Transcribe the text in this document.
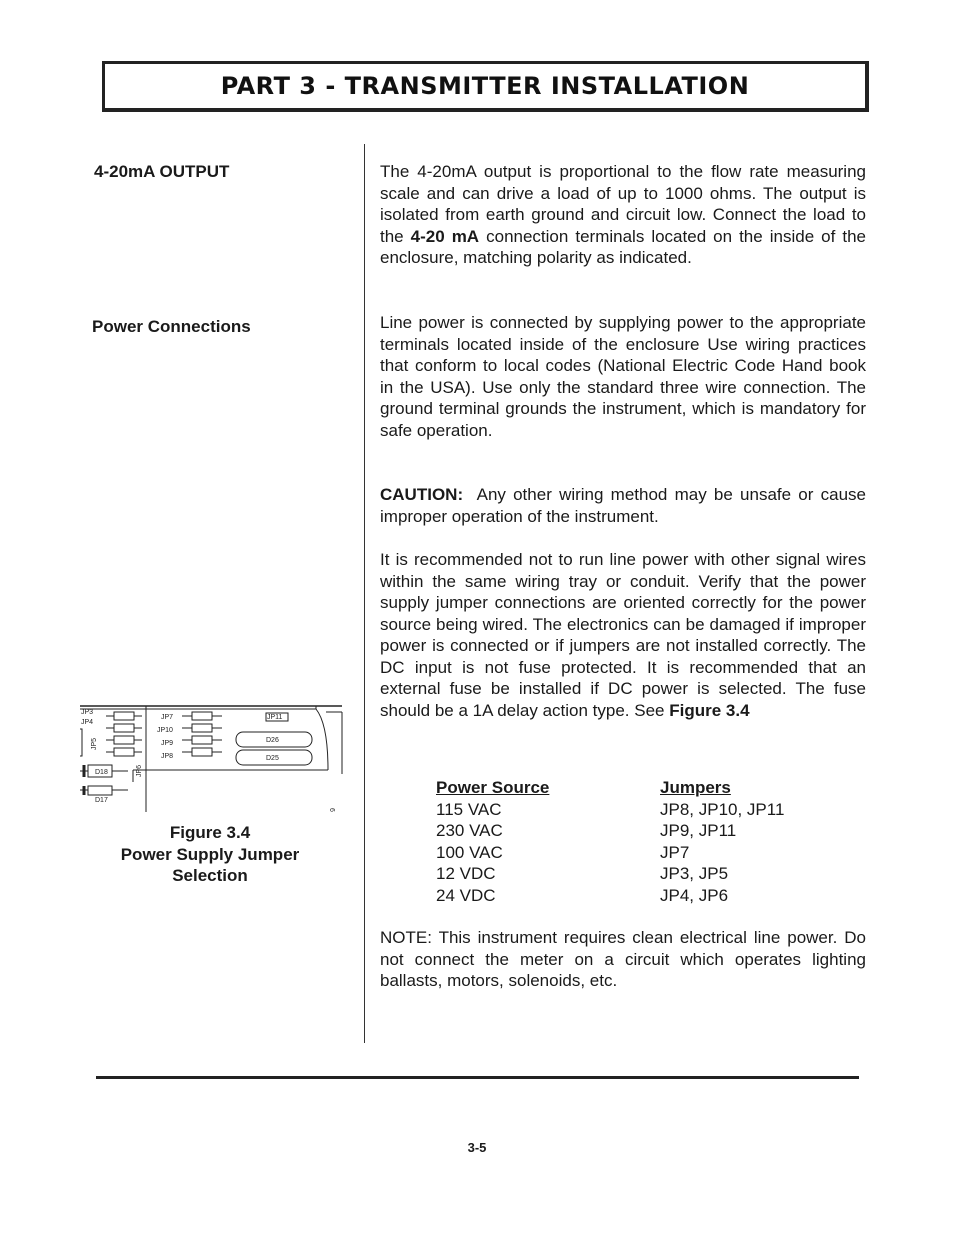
PART 3 - TRANSMITTER INSTALLATION
4-20mA OUTPUT
Power Connections
The 4-20mA output is proportional to the flow rate measuring scale and can drive a load of up to 1000 ohms. The output is isolated from earth ground and circuit low. Connect the load to the 4-20 mA connection terminals located on the inside of the enclosure, matching polarity as indicated.
Line power is connected by supplying power to the appropriate terminals located inside of the enclosure Use wiring practices that conform to local codes (National Electric Code Hand book in the USA). Use only the standard three wire connection. The ground terminal grounds the instrument, which is mandatory for safe operation.
CAUTION:  Any other wiring method may be unsafe or cause improper operation of the instrument.
It is recommended not to run line power with other signal wires within the same wiring tray or conduit. Verify that the power supply jumper connections are oriented correctly for the power source being wired. The electronics can be damaged if improper power is connected or if jumpers are not installed correctly. The DC input is not fuse protected. It is recommended that an external fuse be installed if DC power is selected. The fuse should be a 1A delay action type. See Figure 3.4
Power Source
115 VAC
230 VAC
100 VAC
12 VDC
24 VDC
Jumpers
JP8, JP10, JP11
JP9, JP11
JP7
JP3, JP5
JP4, JP6
NOTE: This instrument requires clean electrical line power. Do not connect the meter on a circuit which operates lighting ballasts, motors, solenoids, etc.
JP3
JP4
JP5
JP6
JP7
JP10
JP9
JP8
JP11
D26
D25
D18
D17
6
Figure 3.4
Power Supply Jumper
Selection
3-5
